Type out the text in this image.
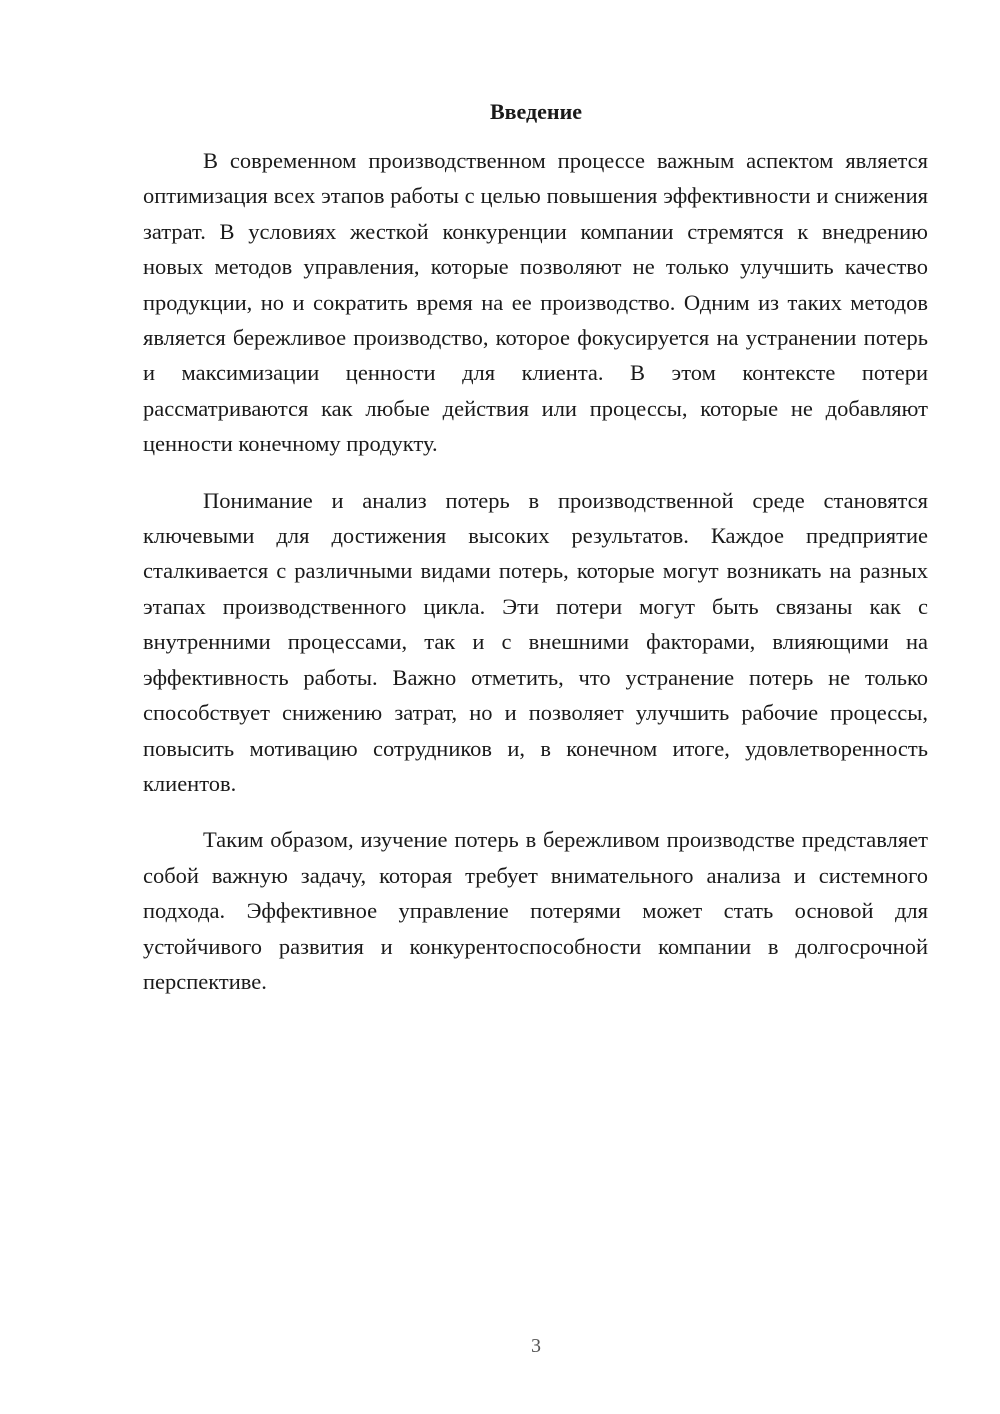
Введение

В современном производственном процессе важным аспектом является оптимизация всех этапов работы с целью повышения эффективности и снижения затрат. В условиях жесткой конкуренции компании стремятся к внедрению новых методов управления, которые позволяют не только улучшить качество продукции, но и сократить время на ее производство. Одним из таких методов является бережливое производство, которое фокусируется на устранении потерь и максимизации ценности для клиента. В этом контексте потери рассматриваются как любые действия или процессы, которые не добавляют ценности конечному продукту.

Понимание и анализ потерь в производственной среде становятся ключевыми для достижения высоких результатов. Каждое предприятие сталкивается с различными видами потерь, которые могут возникать на разных этапах производственного цикла. Эти потери могут быть связаны как с внутренними процессами, так и с внешними факторами, влияющими на эффективность работы. Важно отметить, что устранение потерь не только способствует снижению затрат, но и позволяет улучшить рабочие процессы, повысить мотивацию сотрудников и, в конечном итоге, удовлетворенность клиентов.

Таким образом, изучение потерь в бережливом производстве представляет собой важную задачу, которая требует внимательного анализа и системного подхода. Эффективное управление потерями может стать основой для устойчивого развития и конкурентоспособности компании в долгосрочной перспективе.

3
